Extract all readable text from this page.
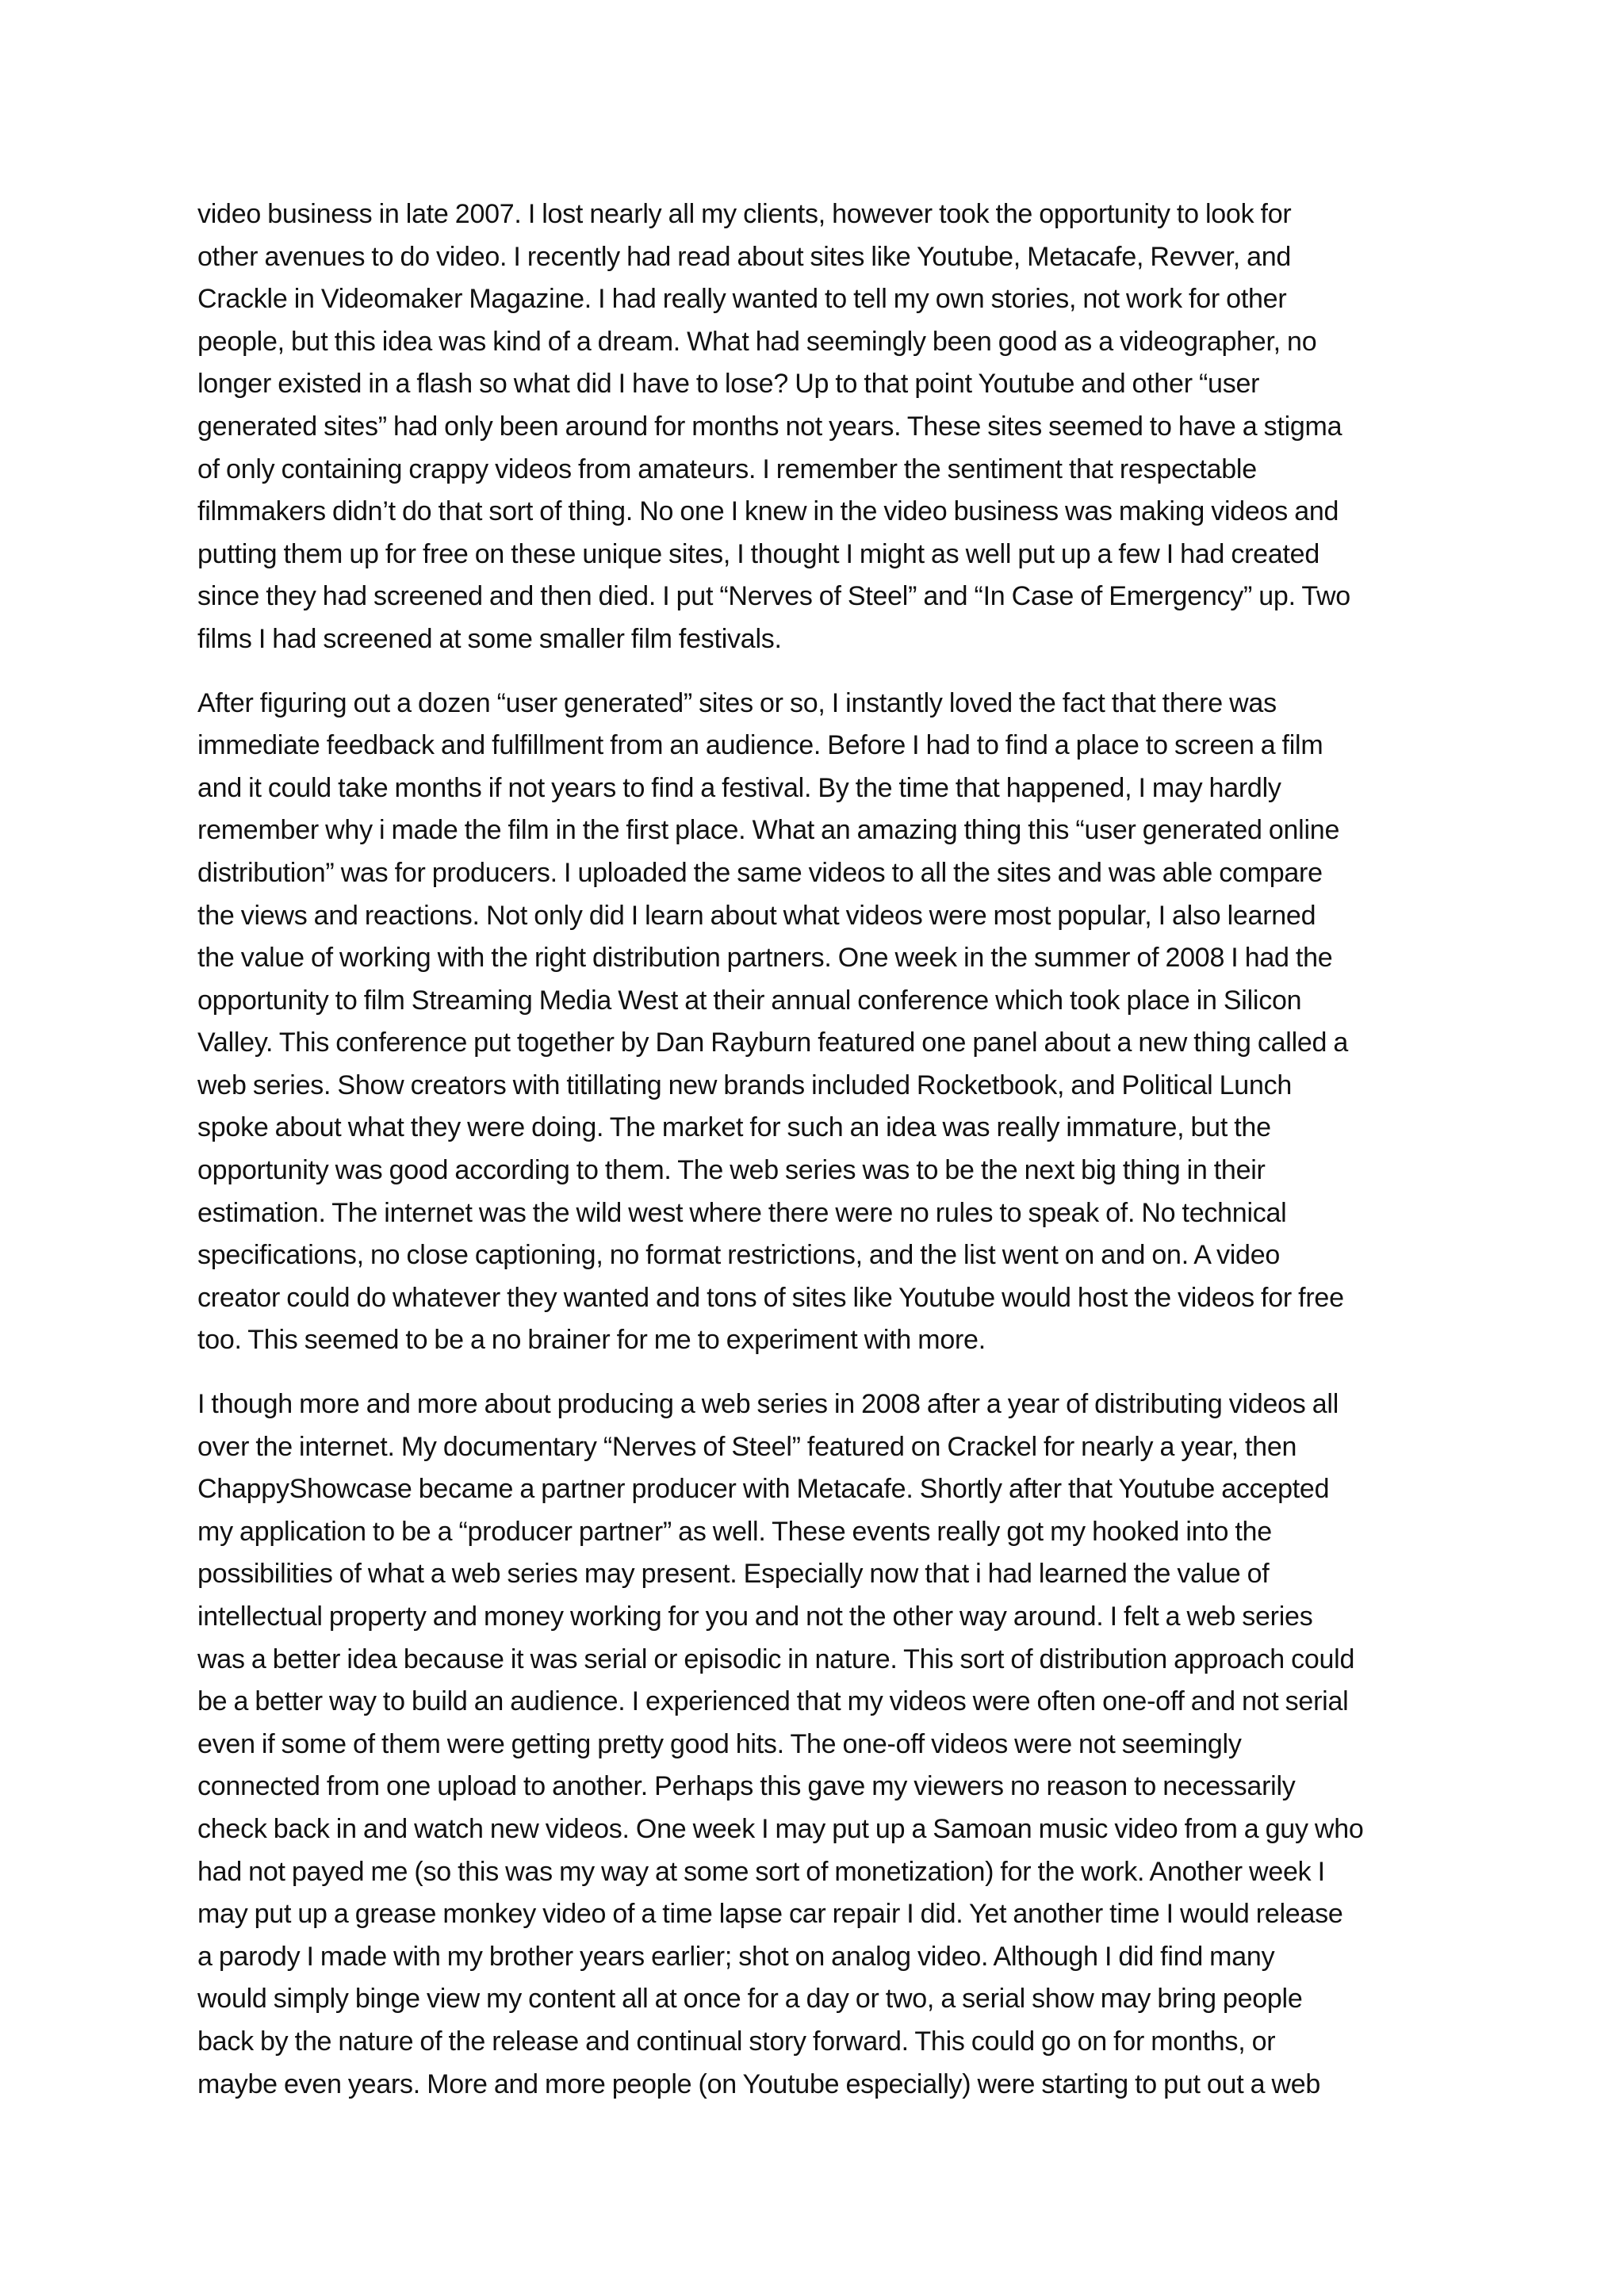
video business in late 2007. I lost nearly all my clients, however took the opportunity to look for
other avenues to do video. I recently had read about sites like Youtube, Metacafe, Revver, and
Crackle in Videomaker Magazine. I had really wanted to tell my own stories, not work for other
people, but this idea was kind of a dream. What had seemingly been good as a videographer, no
longer existed in a flash so what did I have to lose? Up to that point Youtube and other “user
generated sites” had only been around for months not years. These sites seemed to have a stigma
of only containing crappy videos from amateurs. I remember the sentiment that respectable
filmmakers didn’t do that sort of thing. No one I knew in the video business was making videos and
putting them up for free on these unique sites, I thought I might as well put up a few I had created
since they had screened and then died. I put “Nerves of Steel” and “In Case of Emergency” up. Two
films I had screened at some smaller film festivals.
After figuring out a dozen “user generated” sites or so, I instantly loved the fact that there was
immediate feedback and fulfillment from an audience. Before I had to find a place to screen a film
and it could take months if not years to find a festival. By the time that happened, I may hardly
remember why i made the film in the first place. What an amazing thing this “user generated online
distribution” was for producers. I uploaded the same videos to all the sites and was able compare
the views and reactions. Not only did I learn about what videos were most popular, I also learned
the value of working with the right distribution partners. One week in the summer of 2008 I had the
opportunity to film Streaming Media West at their annual conference which took place in Silicon
Valley. This conference put together by Dan Rayburn featured one panel about a new thing called a
web series. Show creators with titillating new brands included Rocketbook, and Political Lunch
spoke about what they were doing. The market for such an idea was really immature, but the
opportunity was good according to them. The web series was to be the next big thing in their
estimation. The internet was the wild west where there were no rules to speak of. No technical
specifications, no close captioning, no format restrictions, and the list went on and on. A video
creator could do whatever they wanted and tons of sites like Youtube would host the videos for free
too. This seemed to be a no brainer for me to experiment with more.
I though more and more about producing a web series in 2008 after a year of distributing videos all
over the internet. My documentary “Nerves of Steel” featured on Crackel for nearly a year, then
ChappyShowcase became a partner producer with Metacafe. Shortly after that Youtube accepted
my application to be a “producer partner” as well. These events really got my hooked into the
possibilities of what a web series may present. Especially now that i had learned the value of
intellectual property and money working for you and not the other way around. I felt a web series
was a better idea because it was serial or episodic in nature. This sort of distribution approach could
be a better way to build an audience. I experienced that my videos were often one-off and not serial
even if some of them were getting pretty good hits. The one-off videos were not seemingly
connected from one upload to another. Perhaps this gave my viewers no reason to necessarily
check back in and watch new videos. One week I may put up a Samoan music video from a guy who
had not payed me (so this was my way at some sort of monetization) for the work. Another week I
may put up a grease monkey video of a time lapse car repair I did. Yet another time I would release
a parody I made with my brother years earlier; shot on analog video. Although I did find many
would simply binge view my content all at once for a day or two, a serial show may bring people
back by the nature of the release and continual story forward. This could go on for months, or
maybe even years. More and more people (on Youtube especially) were starting to put out a web
